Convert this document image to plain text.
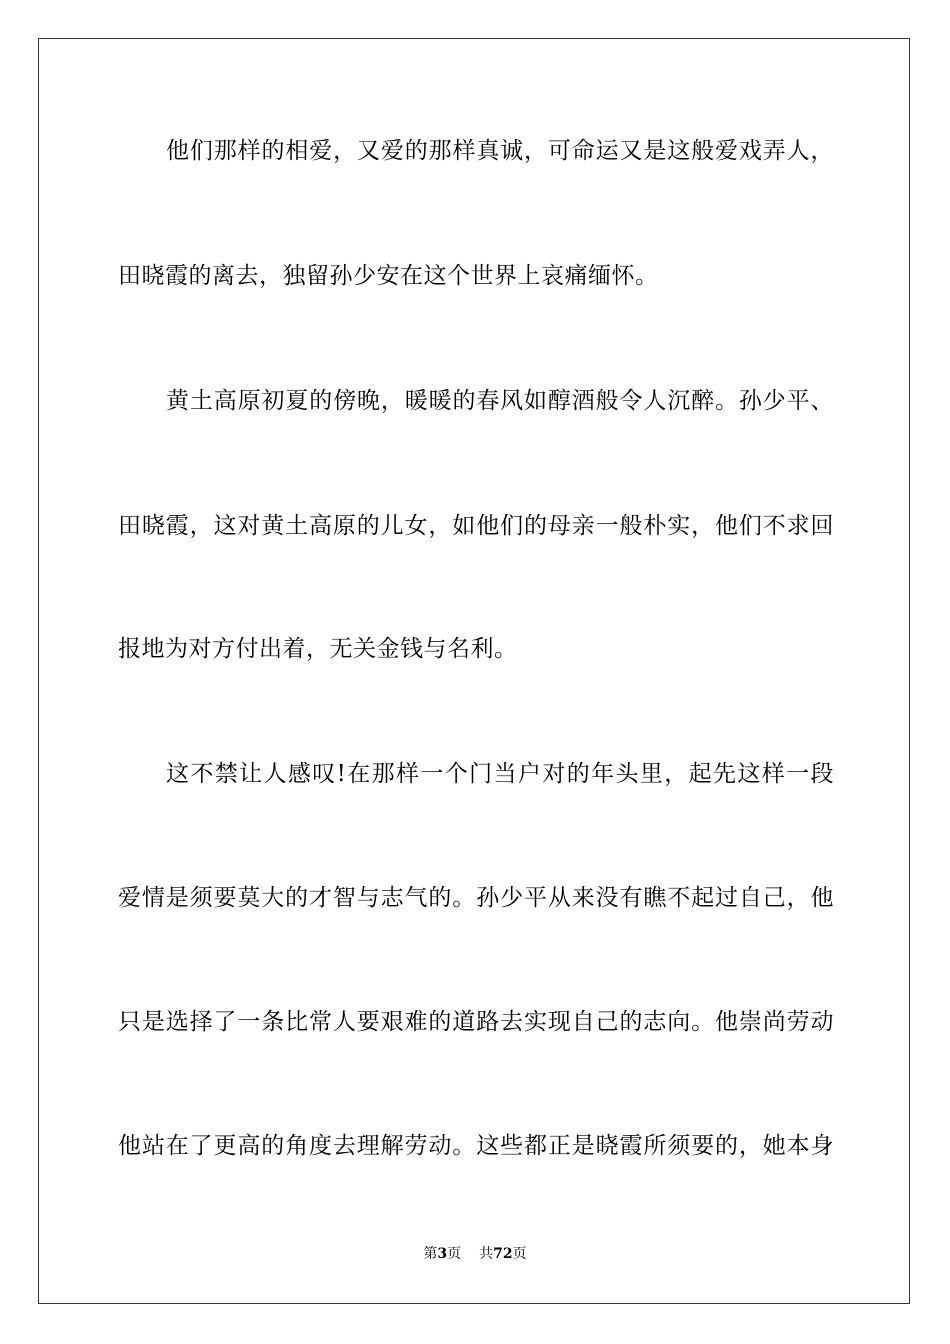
他们那样的相爱，又爱的那样真诚，可命运又是这般爱戏弄人，
田晓霞的离去，独留孙少安在这个世界上哀痛缅怀。
黄土高原初夏的傍晚，暖暖的春风如醇酒般令人沉醉。孙少平、
田晓霞，这对黄土高原的儿女，如他们的母亲一般朴实，他们不求回
报地为对方付出着，无关金钱与名利。
这不禁让人感叹!在那样一个门当户对的年头里，起先这样一段
爱情是须要莫大的才智与志气的。孙少平从来没有瞧不起过自己，他
只是选择了一条比常人要艰难的道路去实现自己的志向。他崇尚劳动
他站在了更高的角度去理解劳动。这些都正是晓霞所须要的，她本身
第3页 共72页
